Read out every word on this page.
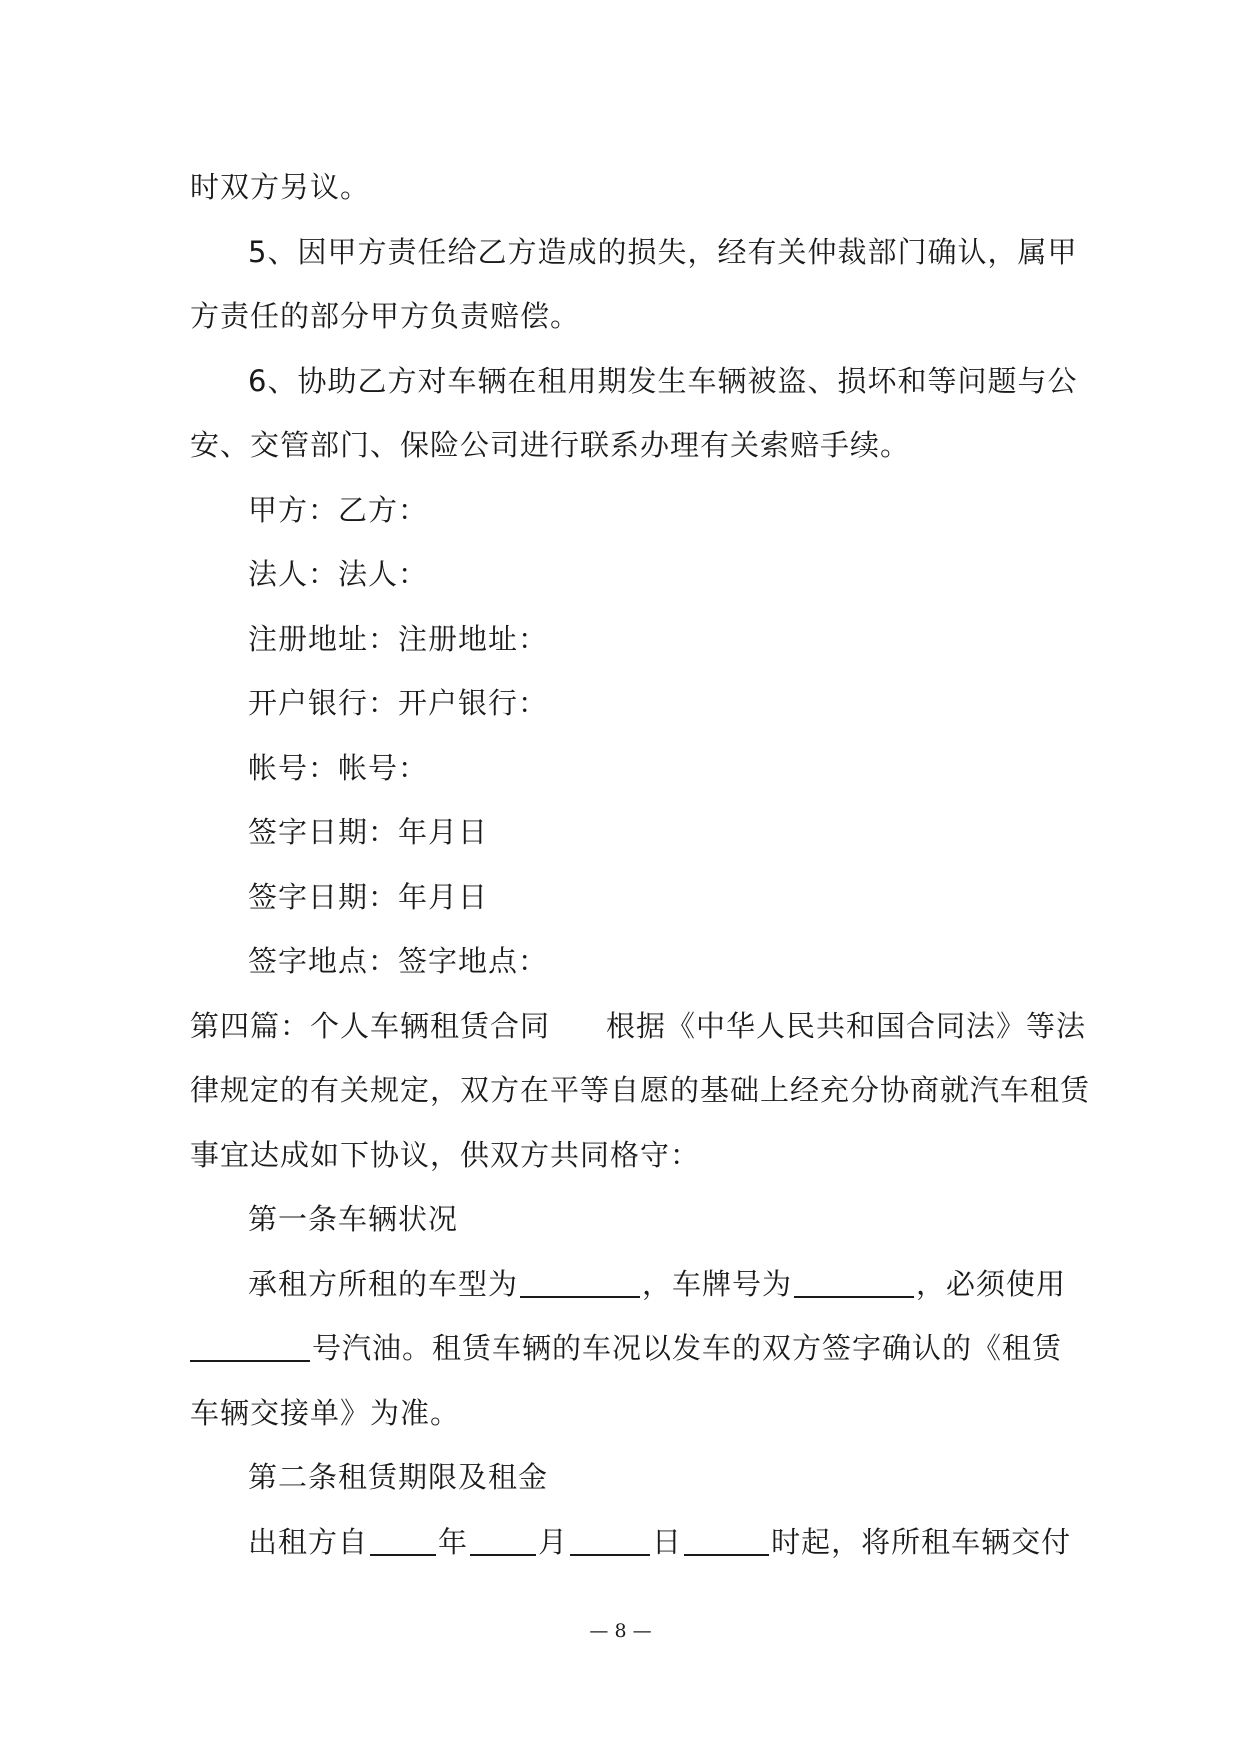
时双方另议。
5、因甲方责任给乙方造成的损失，经有关仲裁部门确认，属甲
方责任的部分甲方负责赔偿。
6、协助乙方对车辆在租用期发生车辆被盗、损坏和等问题与公
安、交管部门、保险公司进行联系办理有关索赔手续。
甲方：乙方：
法人：法人：
注册地址：注册地址：
开户银行：开户银行：
帐号：帐号：
签字日期：年月日
签字日期：年月日
签字地点：签字地点：
第四篇：个人车辆租赁合同 根据《中华人民共和国合同法》等法
律规定的有关规定，双方在平等自愿的基础上经充分协商就汽车租赁
事宜达成如下协议，供双方共同格守：
第一条车辆状况
承租方所租的车型为	，车牌号为	，必须使用
号汽油。租赁车辆的车况以发车的双方签字确认的《租赁
车辆交接单》为准。
第二条租赁期限及租金
出租方自 年 月	日	时起，将所租车辆交付
— 8 —
